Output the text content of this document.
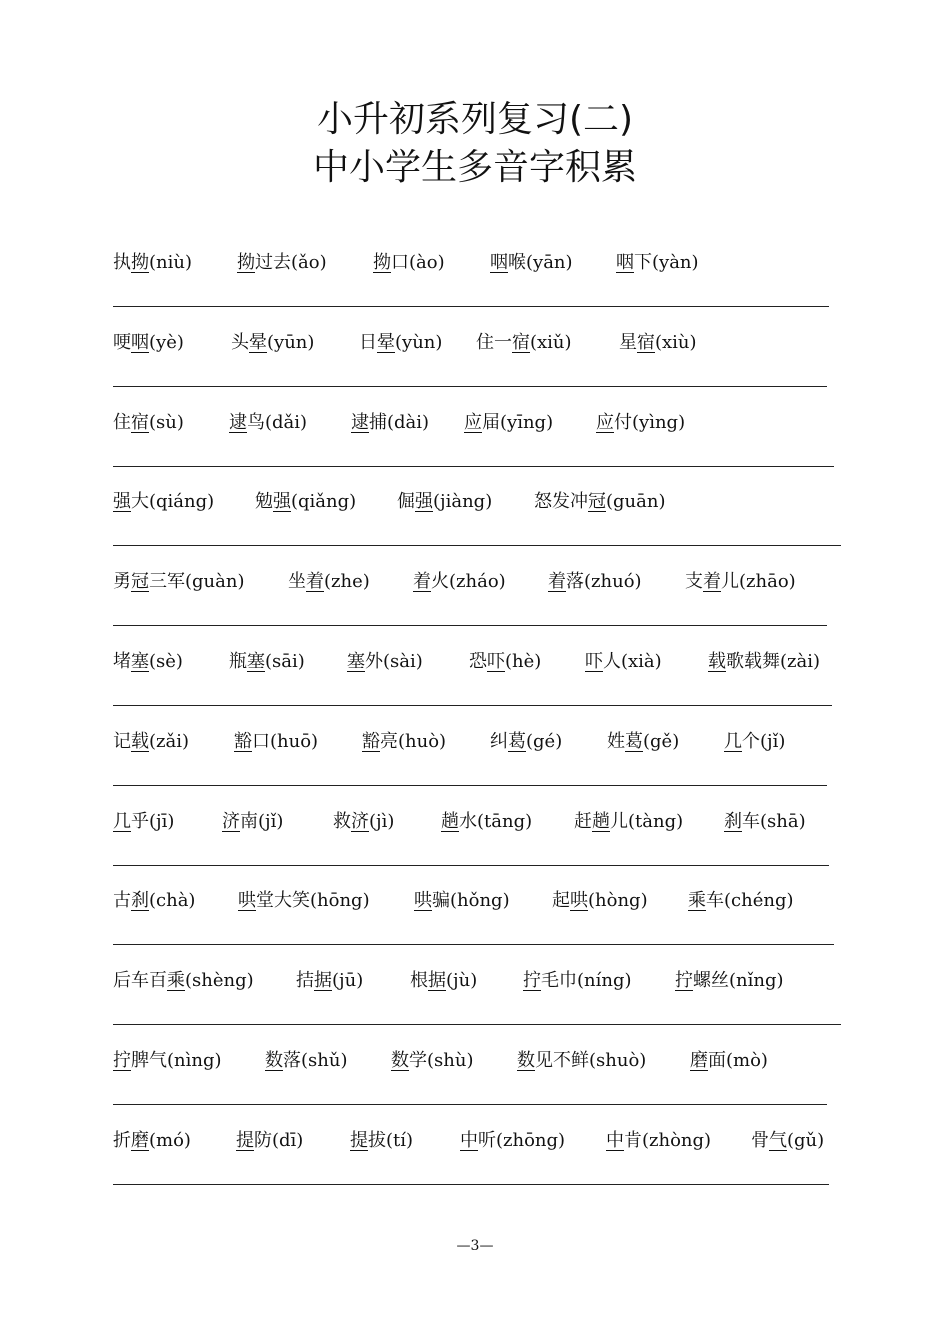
小升初系列复习(二)
中小学生多音字积累
执拗(niù)	拗过去(ǎo)	拗口(ào)	咽喉(yān) 咽下(yàn)
哽咽(yè)	头晕(yūn) 日晕(yùn) 住一宿(xiǔ)	星宿(xiù)
住宿(sù)	逮鸟(dǎi) 逮捕(dài) 应届(yīng) 应付(yìng)
强大(qiáng) 勉强(qiǎng) 倔强(jiàng) 怒发冲冠(guān)
勇冠三军(guàn) 坐着(zhe) 着火(zháo) 着落(zhuó) 支着儿(zhāo)
堵塞(sè)	瓶塞(sāi) 塞外(sài)	恐吓(hè) 吓人(xià)	载歌载舞(zài)
记载(zǎi) 豁口(huō) 豁亮(huò) 纠葛(gé) 姓葛(gě) 几个(jǐ)
几乎(jī)	济南(jǐ)	救济(jì)	趟水(tāng) 赶趟儿(tàng) 刹车(shā)
古刹(chà) 哄堂大笑(hōng) 哄骗(hǒng) 起哄(hòng) 乘车(chéng)
后车百乘(shèng) 拮据(jū)	根据(jù)	拧毛巾(níng) 拧螺丝(nǐng)
拧脾气(nìng) 数落(shǔ) 数学(shù) 数见不鲜(shuò) 磨面(mò)
折磨(mó)	提防(dī)	提拔(tí)	中听(zhōng) 中肯(zhòng) 骨气(gǔ)
—3—
